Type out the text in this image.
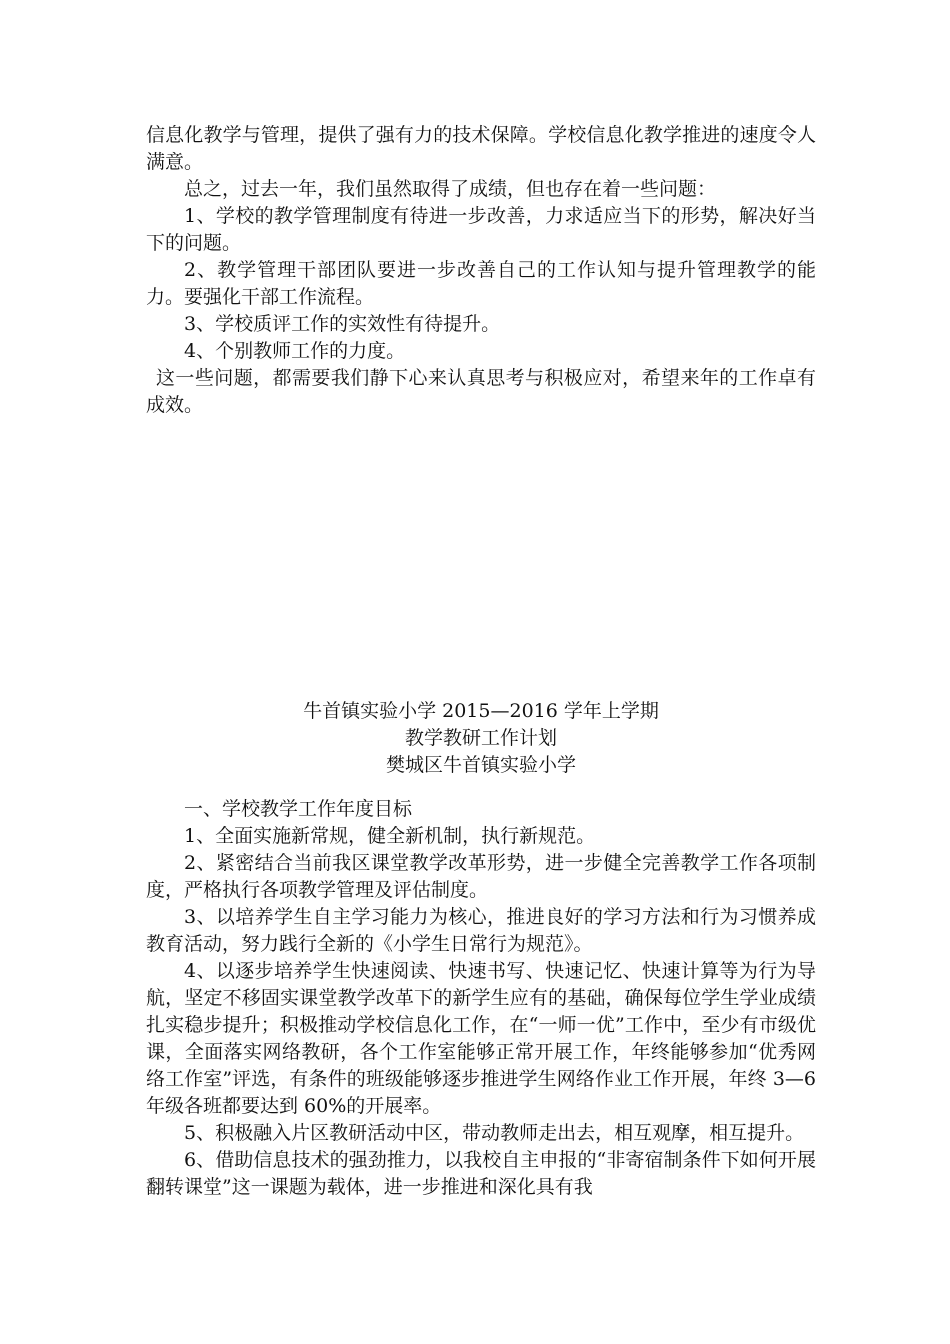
信息化教学与管理，提供了强有力的技术保障。学校信息化教学推进的速度令人满意。

总之，过去一年，我们虽然取得了成绩，但也存在着一些问题：

1、学校的教学管理制度有待进一步改善，力求适应当下的形势，解决好当下的问题。

2、教学管理干部团队要进一步改善自己的工作认知与提升管理教学的能力。要强化干部工作流程。

3、学校质评工作的实效性有待提升。

4、个别教师工作的力度。

这一些问题，都需要我们静下心来认真思考与积极应对，希望来年的工作卓有成效。

牛首镇实验小学 2015—2016 学年上学期
教学教研工作计划
樊城区牛首镇实验小学

一、学校教学工作年度目标

1、全面实施新常规，健全新机制，执行新规范。

2、紧密结合当前我区课堂教学改革形势，进一步健全完善教学工作各项制度，严格执行各项教学管理及评估制度。

3、以培养学生自主学习能力为核心，推进良好的学习方法和行为习惯养成教育活动，努力践行全新的《小学生日常行为规范》。

4、以逐步培养学生快速阅读、快速书写、快速记忆、快速计算等为行为导航，坚定不移固实课堂教学改革下的新学生应有的基础，确保每位学生学业成绩扎实稳步提升；积极推动学校信息化工作，在“一师一优”工作中，至少有市级优课，全面落实网络教研，各个工作室能够正常开展工作，年终能够参加“优秀网络工作室”评选，有条件的班级能够逐步推进学生网络作业工作开展，年终 3—6 年级各班都要达到 60%的开展率。

5、积极融入片区教研活动中区，带动教师走出去，相互观摩，相互提升。

6、借助信息技术的强劲推力，以我校自主申报的“非寄宿制条件下如何开展翻转课堂”这一课题为载体，进一步推进和深化具有我
